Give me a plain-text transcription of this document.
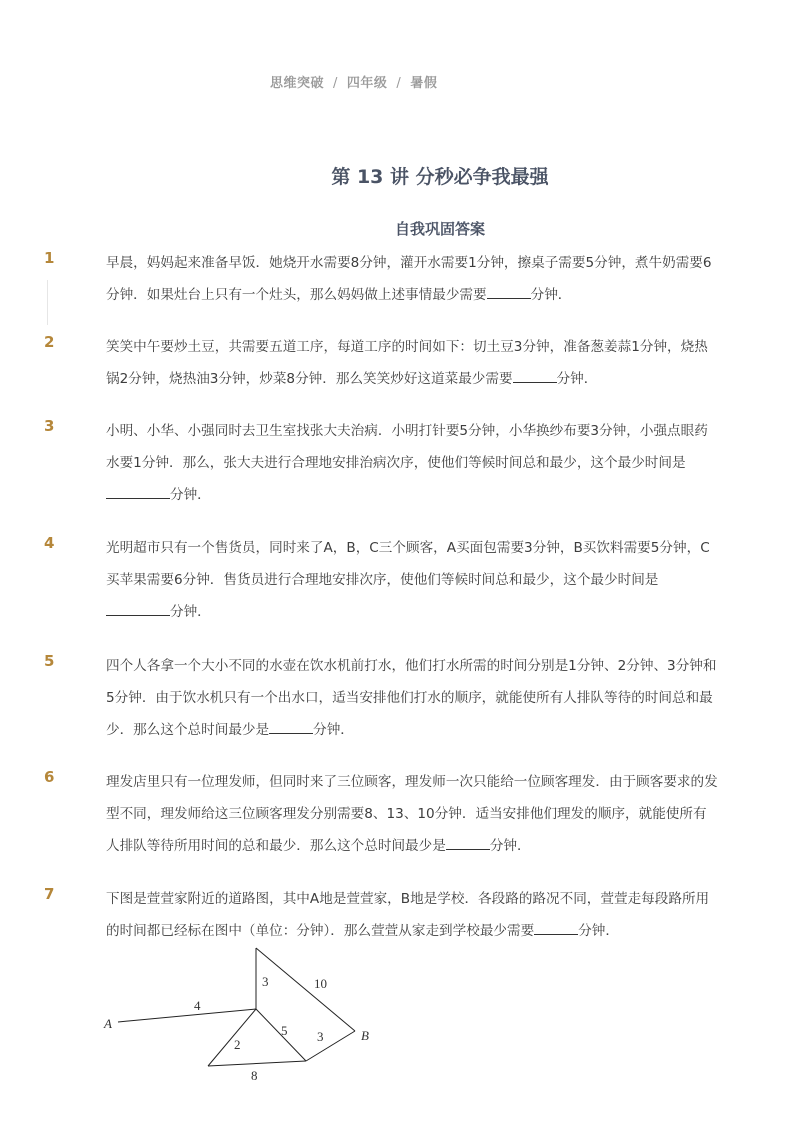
思维突破 / 四年级 / 暑假
第 13 讲 分秒必争我最强
自我巩固答案
1	早晨，妈妈起来准备早饭．她烧开水需要8分钟，灌开水需要1分钟，擦桌子需要5分钟，煮牛奶需要6分钟．如果灶台上只有一个灶头，那么妈妈做上述事情最少需要	分钟．

2	笑笑中午要炒土豆，共需要五道工序，每道工序的时间如下：切土豆3分钟，准备葱姜蒜1分钟，烧热锅2分钟，烧热油3分钟，炒菜8分钟．那么笑笑炒好这道菜最少需要	分钟．

3	小明、小华、小强同时去卫生室找张大夫治病．小明打针要5分钟，小华换纱布要3分钟，小强点眼药水要1分钟．那么，张大夫进行合理地安排治病次序，使他们等候时间总和最少，这个最少时间是分钟．

4	光明超市只有一个售货员，同时来了A，B，C三个顾客，A买面包需要3分钟，B买饮料需要5分钟，C买苹果需要6分钟．售货员进行合理地安排次序，使他们等候时间总和最少，这个最少时间是分钟．

5	四个人各拿一个大小不同的水壶在饮水机前打水，他们打水所需的时间分别是1分钟、2分钟、3分钟和5分钟．由于饮水机只有一个出水口，适当安排他们打水的顺序，就能使所有人排队等待的时间总和最少．那么这个总时间最少是	分钟．

6	理发店里只有一位理发师，但同时来了三位顾客，理发师一次只能给一位顾客理发．由于顾客要求的发型不同，理发师给这三位顾客理发分别需要8、13、10分钟．适当安排他们理发的顺序，就能使所有人排队等待所用时间的总和最少．那么这个总时间最少是	分钟．

7	下图是萱萱家附近的道路图，其中A地是萱萱家，B地是学校．各段路的路况不同，萱萱走每段路所用的时间都已经标在图中（单位：分钟）．那么萱萱从家走到学校最少需要	分钟．

A
B
4
3	10
5 3
2
8
